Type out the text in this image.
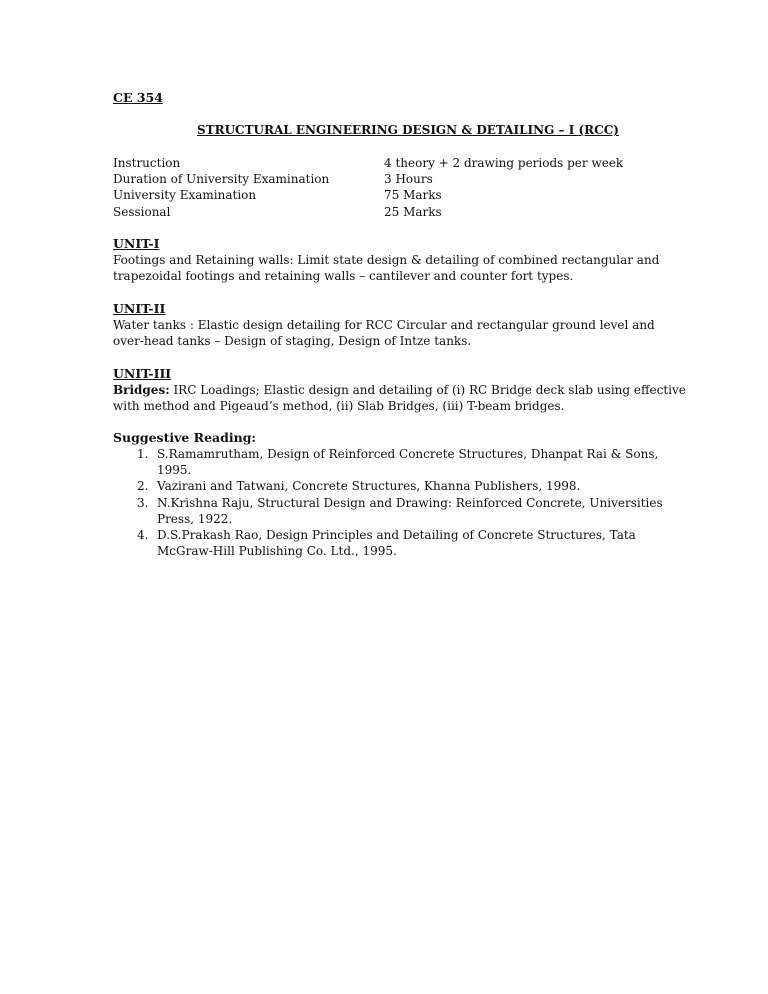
CE 354
STRUCTURAL ENGINEERING DESIGN & DETAILING – I (RCC)
Instruction	4 theory + 2 drawing periods per week
Duration of University Examination	3 Hours
University Examination	75 Marks
Sessional	25 Marks
UNIT-I
Footings and Retaining walls: Limit state design & detailing of combined rectangular and
trapezoidal footings and retaining walls – cantilever and counter fort types.
UNIT-II
Water tanks : Elastic design detailing for RCC Circular and rectangular ground level and
over-head tanks – Design of staging, Design of Intze tanks.
UNIT-III
Bridges: IRC Loadings; Elastic design and detailing of (i) RC Bridge deck slab using effective
with method and Pigeaud’s method, (ii) Slab Bridges, (iii) T-beam bridges.
Suggestive Reading:
1. S.Ramamrutham, Design of Reinforced Concrete Structures, Dhanpat Rai & Sons,
1995.
2. Vazirani and Tatwani, Concrete Structures, Khanna Publishers, 1998.
3. N.Krishna Raju, Structural Design and Drawing: Reinforced Concrete, Universities
Press, 1922.
4. D.S.Prakash Rao, Design Principles and Detailing of Concrete Structures, Tata
McGraw-Hill Publishing Co. Ltd., 1995.
